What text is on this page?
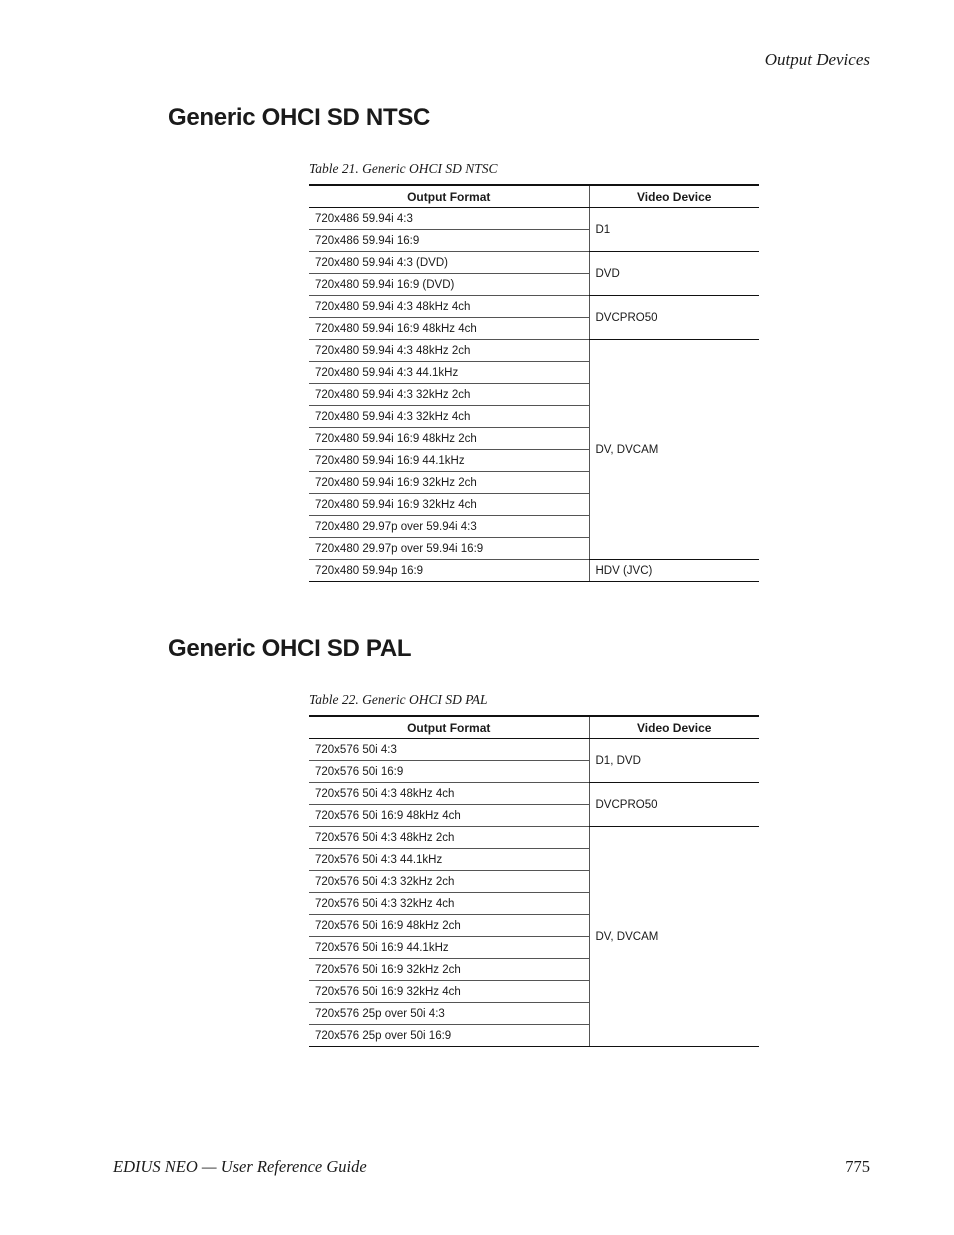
Output Devices
Generic OHCI SD NTSC
Table 21. Generic OHCI SD NTSC
Output Format	Video Device
720x486 59.94i 4:3	D1
720x486 59.94i 16:9	
720x480 59.94i 4:3 (DVD)	DVD
720x480 59.94i 16:9 (DVD)	
720x480 59.94i 4:3 48kHz 4ch	DVCPRO50
720x480 59.94i 16:9 48kHz 4ch	
720x480 59.94i 4:3 48kHz 2ch	DV, DVCAM
720x480 59.94i 4:3 44.1kHz	
720x480 59.94i 4:3 32kHz 2ch	
720x480 59.94i 4:3 32kHz 4ch	
720x480 59.94i 16:9 48kHz 2ch	
720x480 59.94i 16:9 44.1kHz	
720x480 59.94i 16:9 32kHz 2ch	
720x480 59.94i 16:9 32kHz 4ch	
720x480 29.97p over 59.94i 4:3	
720x480 29.97p over 59.94i 16:9	
720x480 59.94p 16:9	HDV (JVC)
Generic OHCI SD PAL
Table 22. Generic OHCI SD PAL
Output Format	Video Device
720x576 50i 4:3	D1, DVD
720x576 50i 16:9	
720x576 50i 4:3 48kHz 4ch	DVCPRO50
720x576 50i 16:9 48kHz 4ch	
720x576 50i 4:3 48kHz 2ch	DV, DVCAM
720x576 50i 4:3 44.1kHz	
720x576 50i 4:3 32kHz 2ch	
720x576 50i 4:3 32kHz 4ch	
720x576 50i 16:9 48kHz 2ch	
720x576 50i 16:9 44.1kHz	
720x576 50i 16:9 32kHz 2ch	
720x576 50i 16:9 32kHz 4ch	
720x576 25p over 50i 4:3	
720x576 25p over 50i 16:9	
EDIUS NEO — User Reference Guide	775
